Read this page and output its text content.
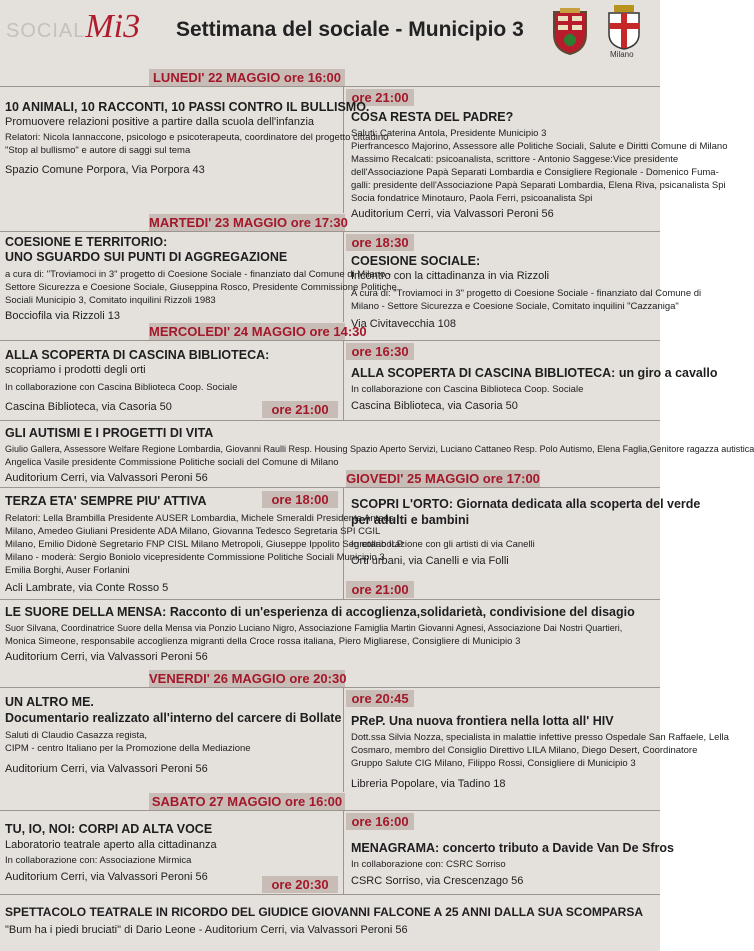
SOCIALMi3 Settimana del sociale - Municipio 3
Milano
LUNEDI' 22 MAGGIO ore 16:00
ore 21:00
10 ANIMALI, 10 RACCONTI, 10 PASSI CONTRO IL BULLISMO.
Promuovere relazioni positive a partire dalla scuola dell'infanzia
Relatori: Nicola Iannaccone, psicologo e psicoterapeuta, coordinatore del progetto cittadino
"Stop al bullismo" e autore di saggi sul tema
Spazio Comune Porpora, Via Porpora 43
COSA RESTA DEL PADRE?
Saluti: Caterina Antola, Presidente Municipio 3
Pierfrancesco Majorino, Assessore alle Politiche Sociali, Salute e Diritti Comune di Milano
Massimo Recalcati: psicoanalista, scrittore - Antonio Saggese:Vice presidente
dell'Associazione Papà Separati Lombardia e Consigliere Regionale - Domenico Fuma-
galli: presidente dell'Associazione Papà Separati Lombardia, Elena Riva, psicanalista Spi
Socia fondatrice Minotauro, Paola Ferri, psicoanalista Spi
Auditorium Cerri, via Valvassori Peroni 56
MARTEDI' 23 MAGGIO ore 17:30
ore 18:30
COESIONE E TERRITORIO:
UNO SGUARDO SUI PUNTI DI AGGREGAZIONE
a cura di: "Troviamoci in 3" progetto di Coesione Sociale - finanziato dal Comune di Milano -
Settore Sicurezza e Coesione Sociale, Giuseppina Rosco, Presidente Commissione Politiche
Sociali Municipio 3, Comitato inquilini Rizzoli 1983
Bocciofila via Rizzoli 13
COESIONE SOCIALE:
Incontro con la cittadinanza in via Rizzoli
A cura di: "Troviamoci in 3" progetto di Coesione Sociale - finanziato dal Comune di
Milano - Settore Sicurezza e Coesione Sociale, Comitato inquilini "Cazzaniga"
Via Civitavecchia 108
MERCOLEDI' 24 MAGGIO ore 14:30
ore 16:30
ALLA SCOPERTA DI CASCINA BIBLIOTECA:
scopriamo i prodotti degli orti
In collaborazione con Cascina Biblioteca Coop. Sociale
Cascina Biblioteca, via Casoria 50	ore 21:00
ALLA SCOPERTA DI CASCINA BIBLIOTECA: un giro a cavallo
In collaborazione con Cascina Biblioteca Coop. Sociale
Cascina Biblioteca, via Casoria 50
GLI AUTISMI E I PROGETTI DI VITA
Giulio Gallera, Assessore Welfare Regione Lombardia, Giovanni Raulli Resp. Housing Spazio Aperto Servizi, Luciano Cattaneo Resp. Polo Autismo, Elena Faglia,Genitore ragazza autistica
Angelica Vasile presidente Commissione Politiche sociali del Comune di Milano
Auditorium Cerri, via Valvassori Peroni 56	GIOVEDI' 25 MAGGIO ore 17:00
ore 18:00
TERZA ETA' SEMPRE PIU' ATTIVA
Relatori: Lella Brambilla Presidente AUSER Lombardia, Michele Smeraldi Presidente Anteas
Milano, Amedeo Giuliani Presidente ADA Milano, Giovanna Tedesco Segretaria SPI CGIL
Milano, Emilio Didonè Segretario FNP CISL Milano Metropoli, Giuseppe Ippolito Segretario ILP
Milano - moderà: Sergio Boniolo vicepresidente Commissione Politiche Sociali Municipio 3
Emilia Borghi, Auser Forlanini
Acli Lambrate, via Conte Rosso 5
SCOPRI L'ORTO: Giornata dedicata alla scoperta del verde
per adulti e bambini
In collaborazione con gli artisti di via Canelli
Orti urbani, via Canelli e via Folli
ore 21:00
LE SUORE DELLA MENSA: Racconto di un'esperienza di accoglienza,solidarietà, condivisione del disagio
Suor Silvana, Coordinatrice Suore della Mensa via Ponzio Luciano Nigro, Associazione Famiglia Martin Giovanni Agnesi, Associazione Dai Nostri Quartieri,
Monica Simeone, responsabile accoglienza migranti della Croce rossa italiana, Piero Migliarese, Consigliere di Municipio 3
Auditorium Cerri, via Valvassori Peroni 56
VENERDI' 26 MAGGIO ore 20:30
ore 20:45
UN ALTRO ME.
Documentario realizzato all'interno del carcere di Bollate
Saluti di Claudio Casazza regista,
CIPM - centro Italiano per la Promozione della Mediazione
Auditorium Cerri, via Valvassori Peroni 56
PReP. Una nuova frontiera nella lotta all' HIV
Dott.ssa Silvia Nozza, specialista in malattie infettive presso Ospedale San Raffaele, Lella
Cosmaro, membro del Consiglio Direttivo LILA Milano, Diego Desert, Coordinatore
Gruppo Salute CIG Milano, Filippo Rossi, Consigliere di Municipio 3
Libreria Popolare, via Tadino 18
SABATO 27 MAGGIO ore 16:00
ore 16:00
TU, IO, NOI: CORPI AD ALTA VOCE
Laboratorio teatrale aperto alla cittadinanza
In collaborazione con: Associazione Mirmica
Auditorium Cerri, via Valvassori Peroni 56	ore 20:30
MENAGRAMA: concerto tributo a Davide Van De Sfros
In collaborazione con: CSRC Sorriso
CSRC Sorriso, via Crescenzago 56
SPETTACOLO TEATRALE IN RICORDO DEL GIUDICE GIOVANNI FALCONE A 25 ANNI DALLA SUA SCOMPARSA
"Bum ha i piedi bruciati" di Dario Leone - Auditorium Cerri, via Valvassori Peroni 56
